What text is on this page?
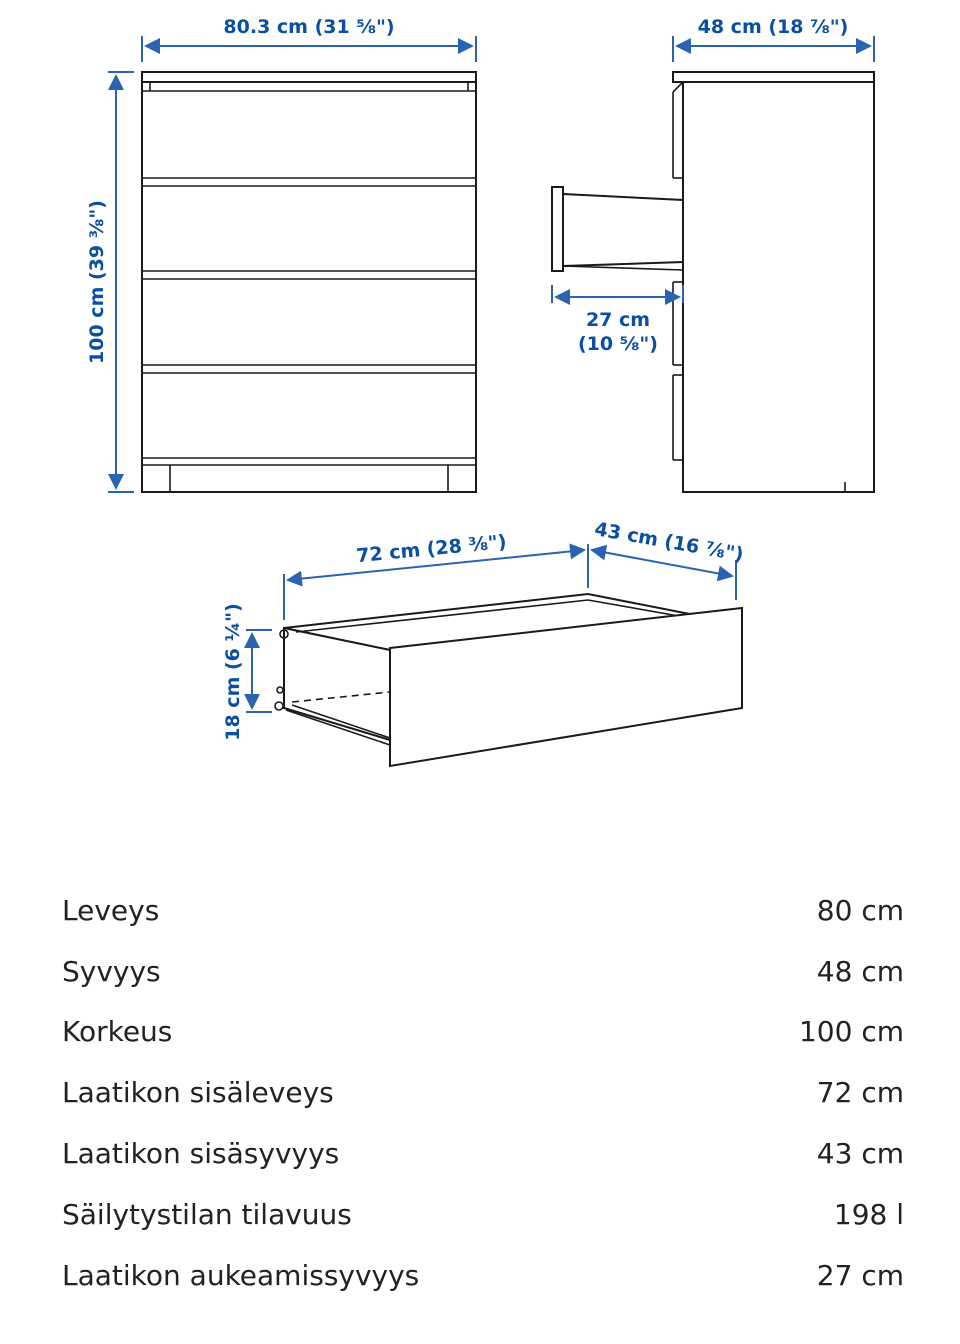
80.3 cm (31 ⅝")
100 cm (39 ⅜")
48 cm (18 ⅞")
27 cm
(10 ⅝")
72 cm (28 ⅜")	43 cm (16 ⅞")
18 cm (6 ¼")
Leveys	80 cm
Syvyys	48 cm
Korkeus	100 cm
Laatikon sisäleveys	72 cm
Laatikon sisäsyvyys	43 cm
Säilytystilan tilavuus	198 l
Laatikon aukeamissyvyys	27 cm
